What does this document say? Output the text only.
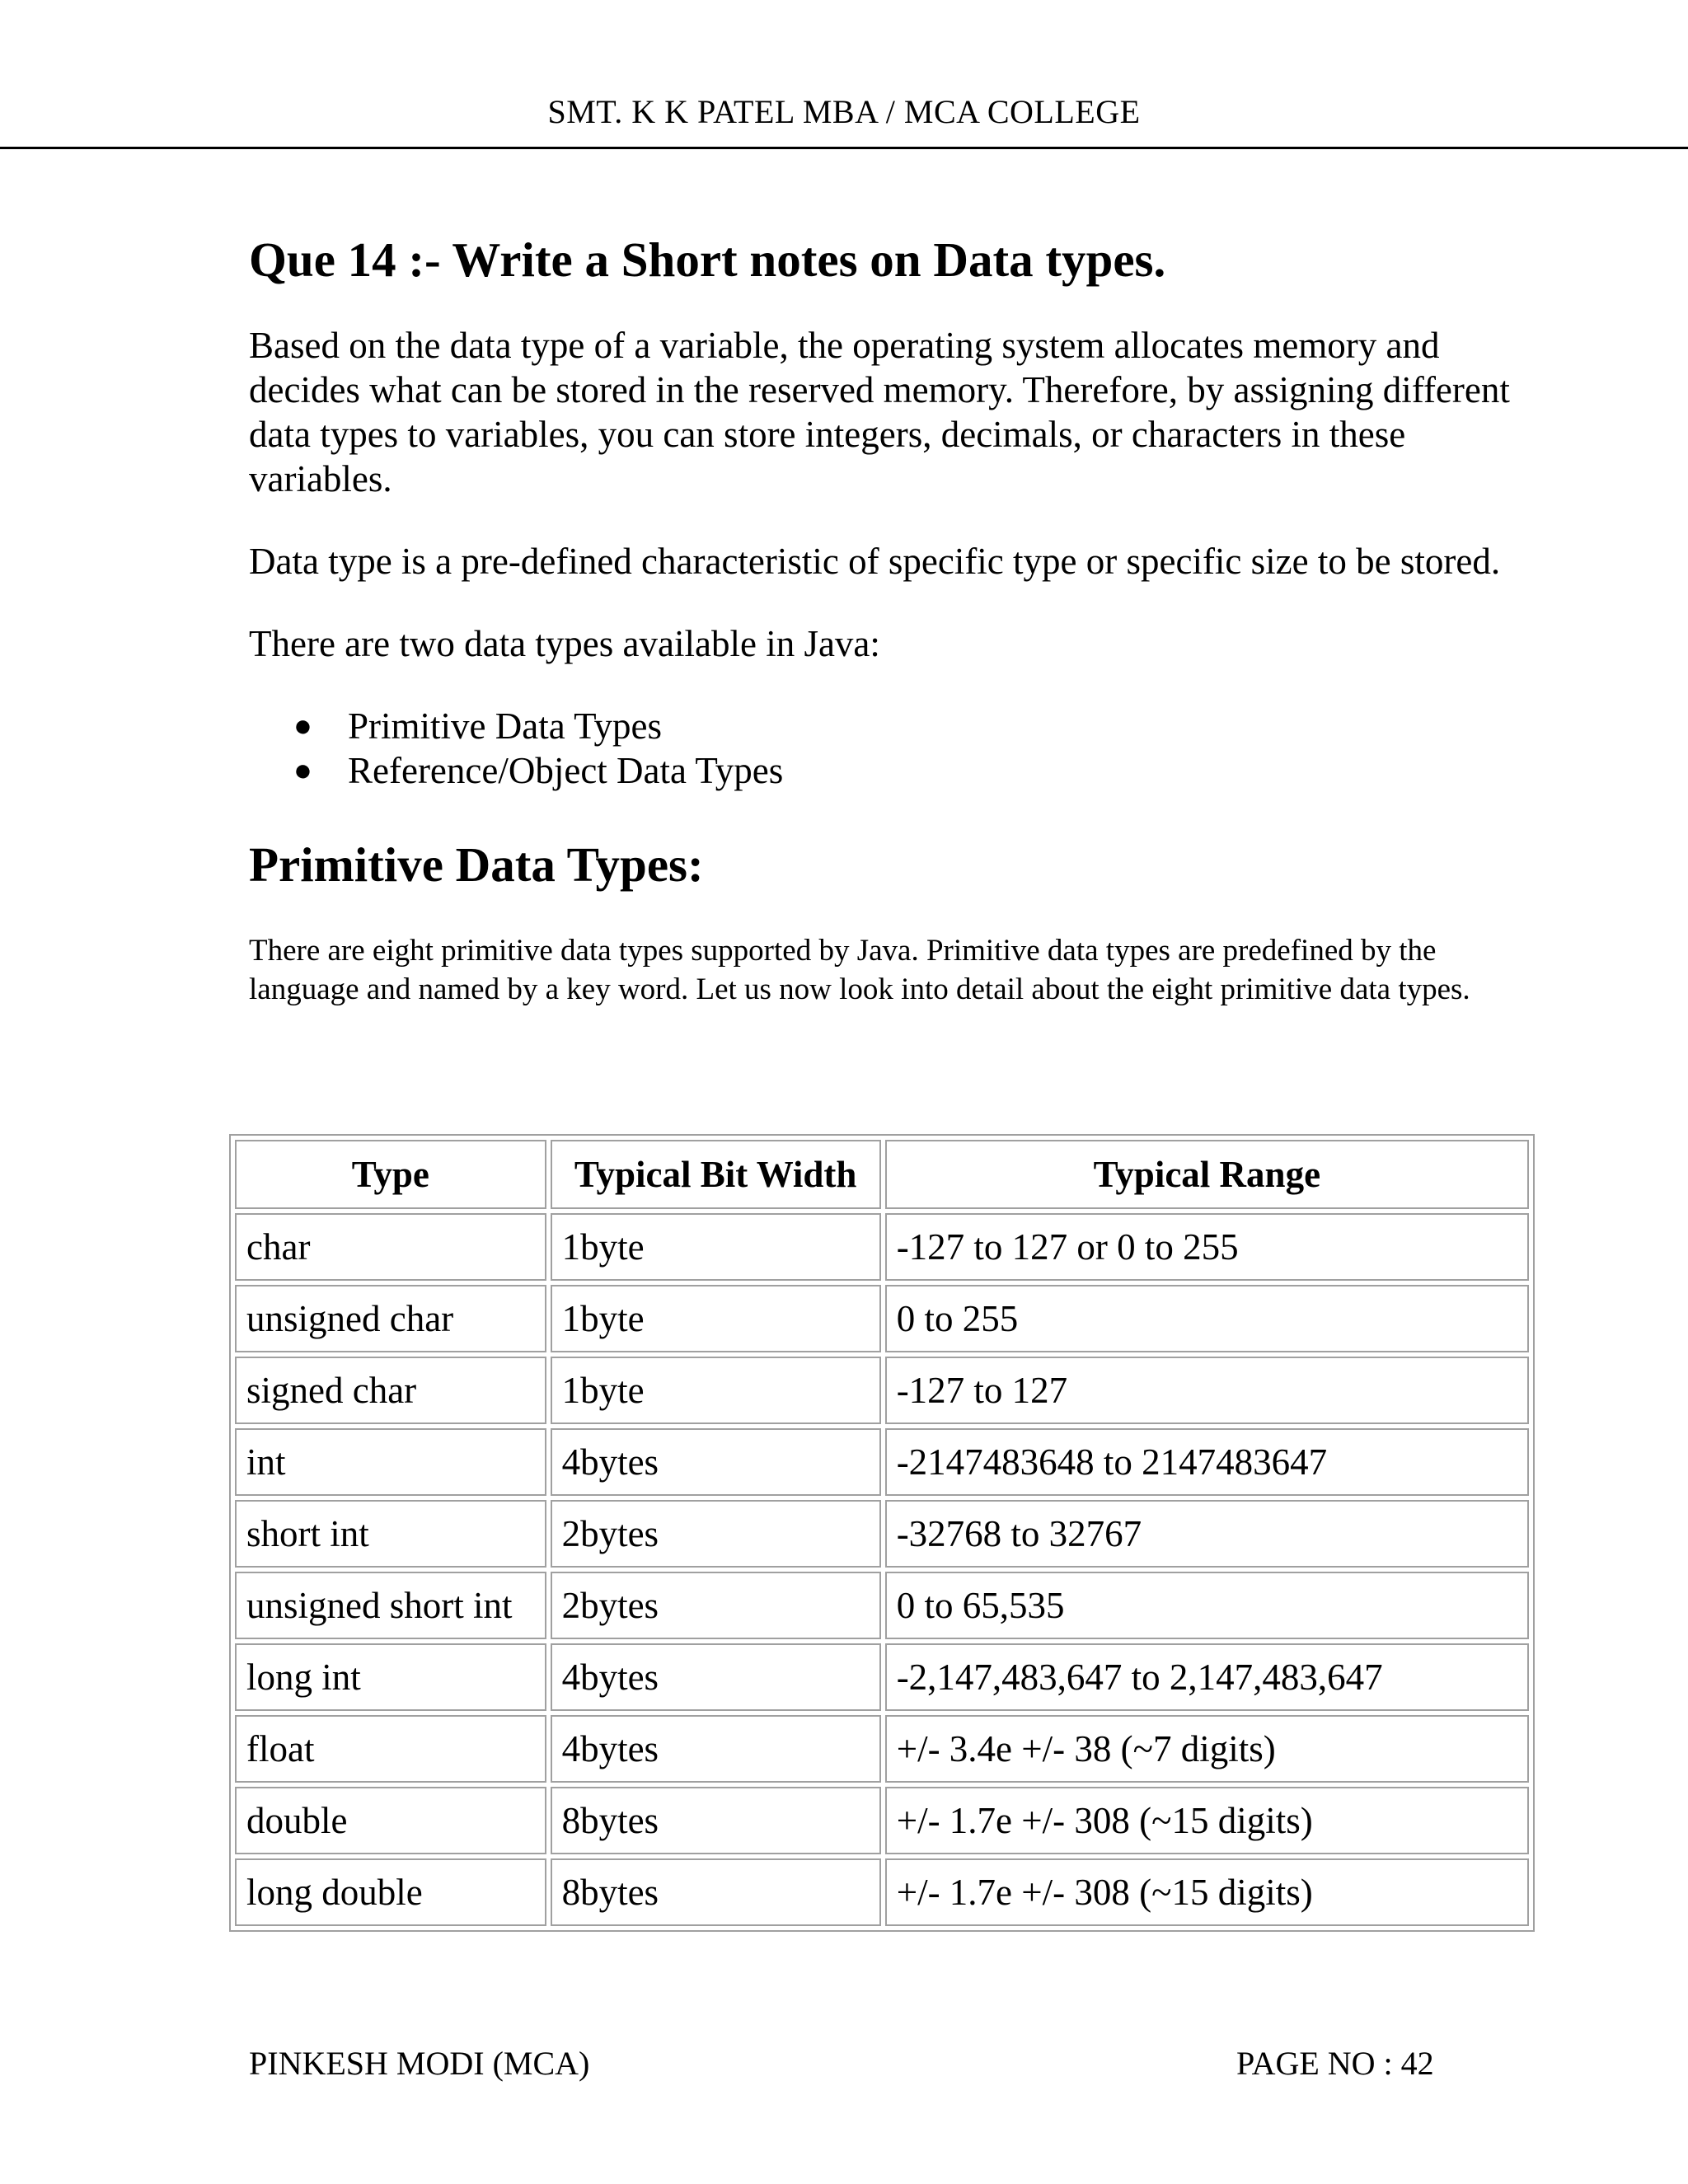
SMT. K K PATEL MBA / MCA COLLEGE
Que 14 :- Write a Short notes on Data types.

Based on the data type of a variable, the operating system allocates memory and decides what can be stored in the reserved memory. Therefore, by assigning different data types to variables, you can store integers, decimals, or characters in these variables.

Data type is a pre-defined characteristic of specific type or specific size to be stored.

There are two data types available in Java:

● Primitive Data Types
● Reference/Object Data Types
Primitive Data Types:

There are eight primitive data types supported by Java. Primitive data types are predefined by the language and named by a key word. Let us now look into detail about the eight primitive data types.

Type	Typical Bit Width	Typical Range
char	1byte	-127 to 127 or 0 to 255
unsigned char	1byte	0 to 255
signed char	1byte	-127 to 127
int	4bytes	-2147483648 to 2147483647
short int	2bytes	-32768 to 32767
unsigned short int	2bytes	0 to 65,535
long int	4bytes	-2,147,483,647 to 2,147,483,647
float	4bytes	+/- 3.4e +/- 38 (~7 digits)
double	8bytes	+/- 1.7e +/- 308 (~15 digits)
long double	8bytes	+/- 1.7e +/- 308 (~15 digits)
PINKESH MODI (MCA)	PAGE NO : 42
